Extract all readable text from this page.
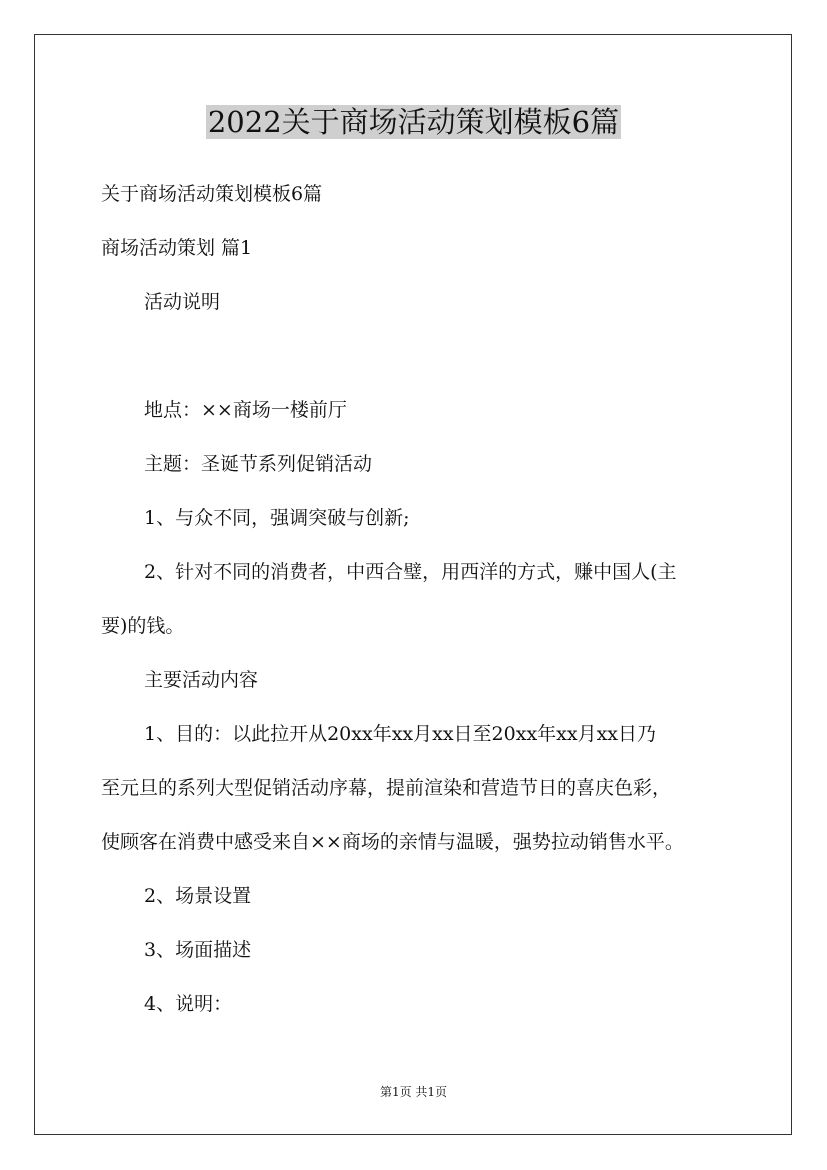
2022关于商场活动策划模板6篇
关于商场活动策划模板6篇
商场活动策划 篇1
活动说明
地点：××商场一楼前厅
主题：圣诞节系列促销活动
1、与众不同，强调突破与创新;
2、针对不同的消费者，中西合璧，用西洋的方式，赚中国人(主
要)的钱。
主要活动内容
1、目的：以此拉开从20xx年xx月xx日至20xx年xx月xx日乃
至元旦的系列大型促销活动序幕，提前渲染和营造节日的喜庆色彩，
使顾客在消费中感受来自××商场的亲情与温暖，强势拉动销售水平。
2、场景设置
3、场面描述
4、说明：
第1页 共1页
